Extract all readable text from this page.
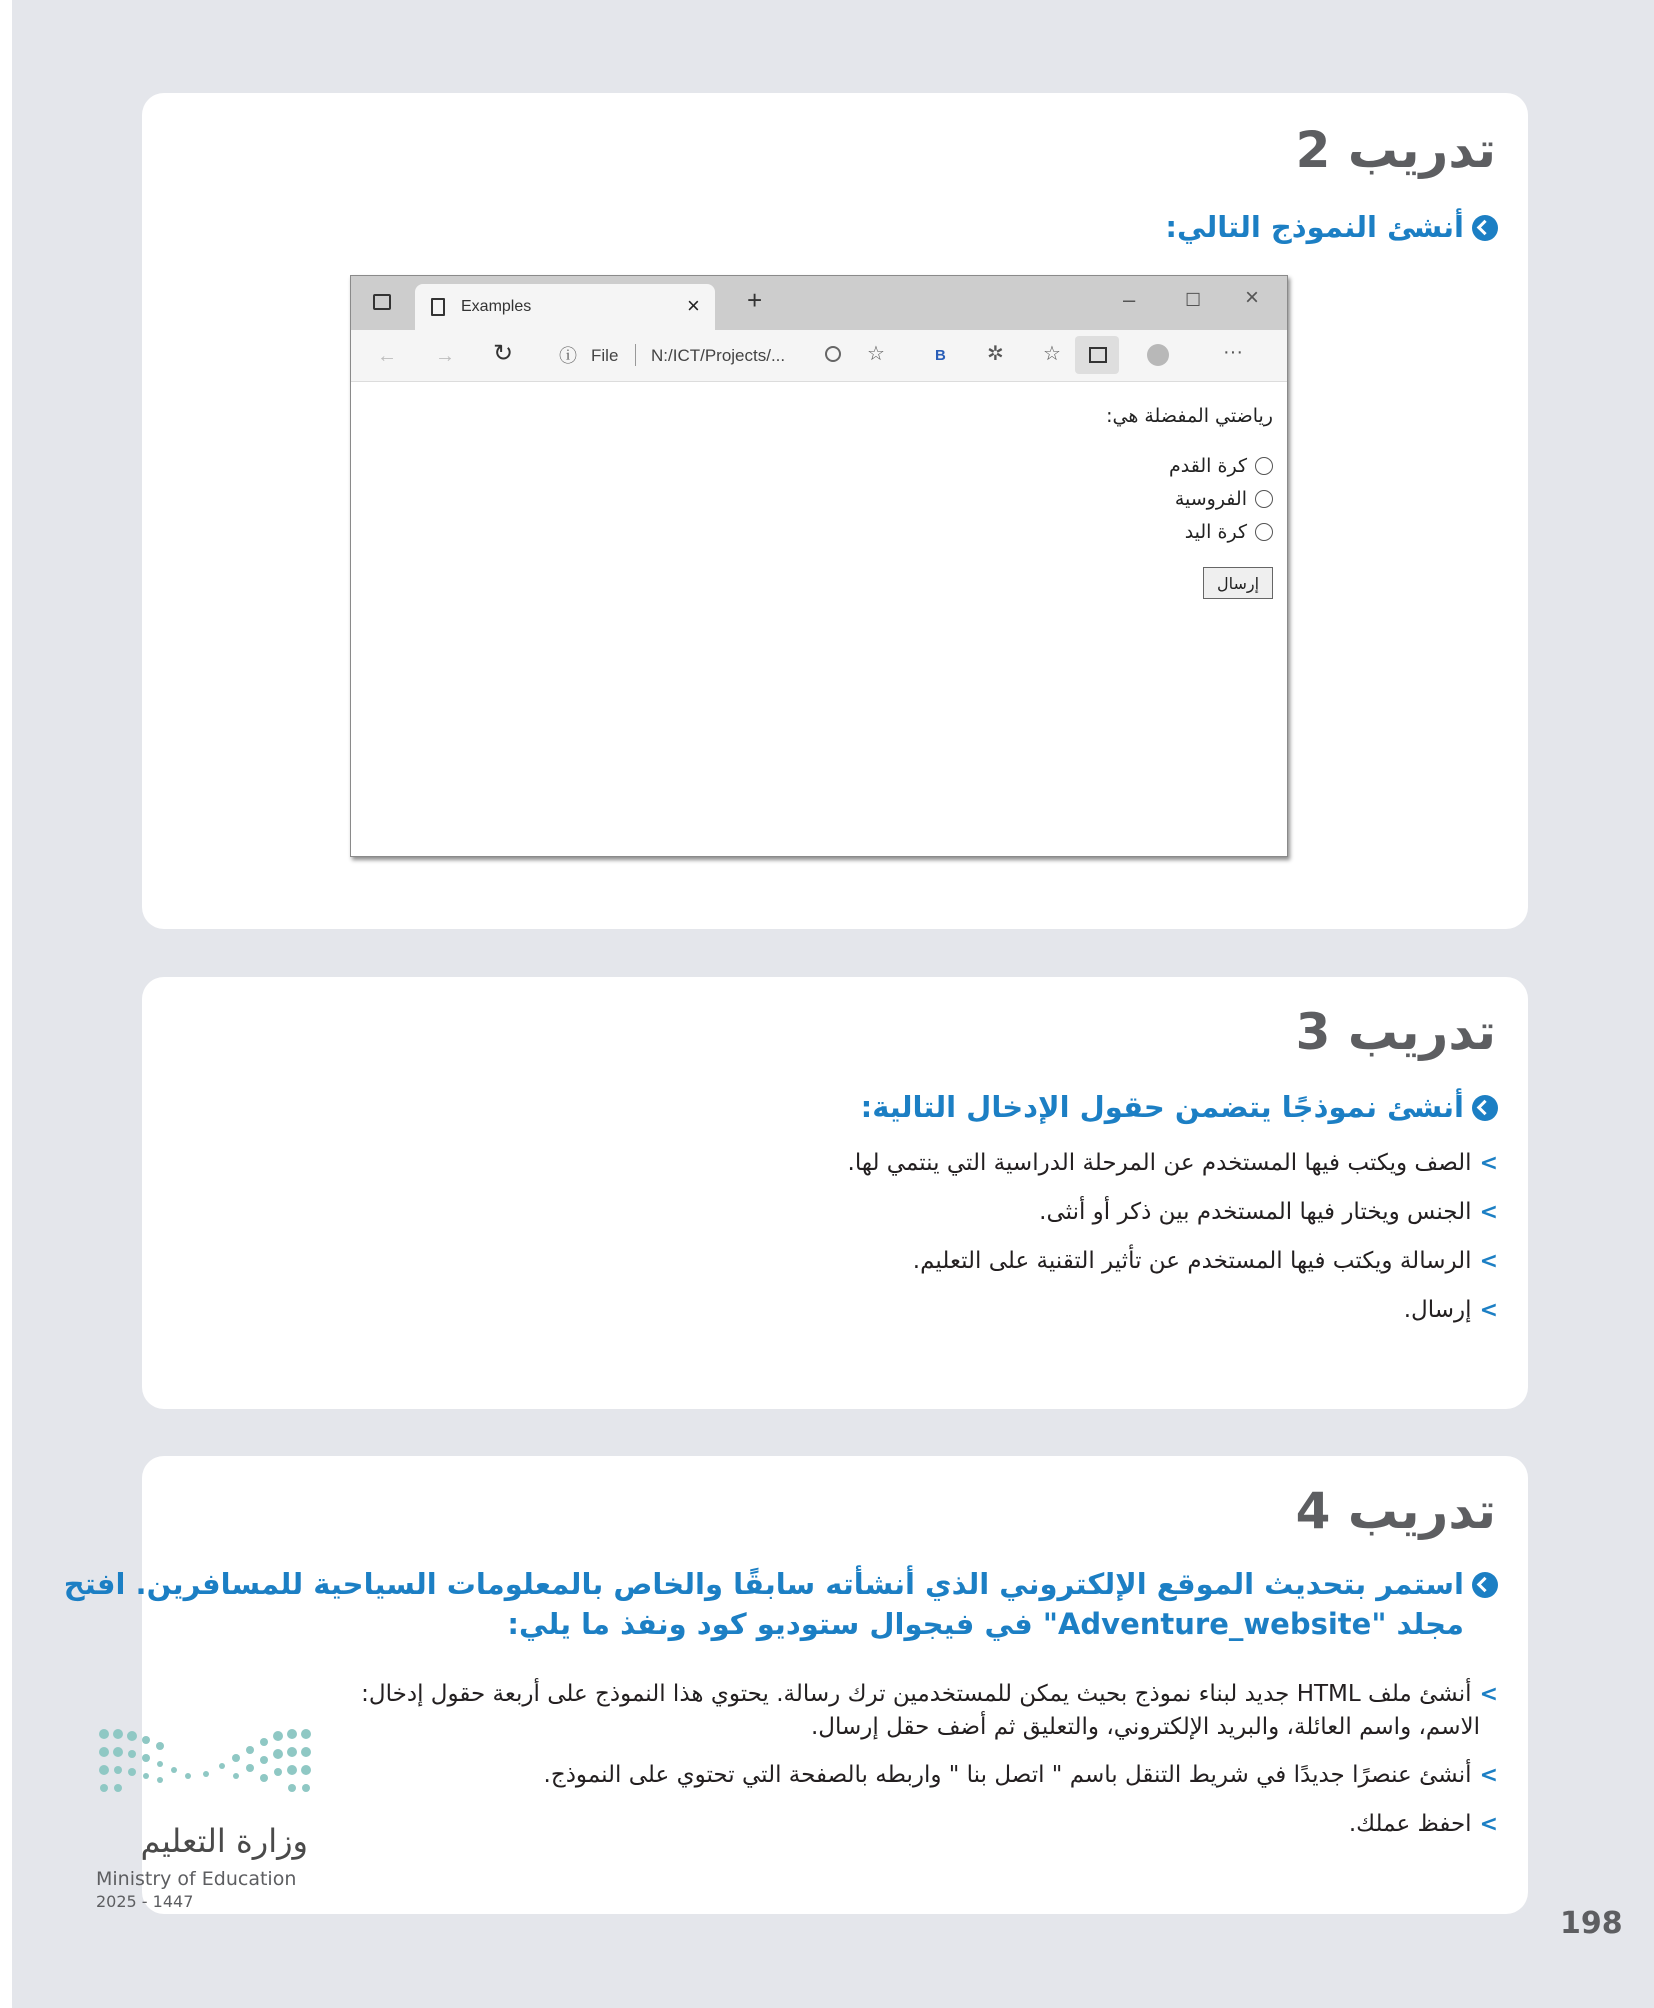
تدريب 2
أنشئ النموذج التالي:
Examples	× +	–	☐ ×
← → ↻	ⓘ File N:/ICT/Projects/...	☆	B ✲ ☆	···
رياضتي المفضلة هي:
كرة القدم
الفروسية
كرة اليد
إرسال
تدريب 3
أنشئ نموذجًا يتضمن حقول الإدخال التالية:
>الصف ويكتب فيها المستخدم عن المرحلة الدراسية التي ينتمي لها.
>الجنس ويختار فيها المستخدم بين ذكر أو أنثى.
>الرسالة ويكتب فيها المستخدم عن تأثير التقنية على التعليم.
>إرسال.
تدريب 4
استمر بتحديث الموقع الإلكتروني الذي أنشأته سابقًا والخاص بالمعلومات السياحية للمسافرين. افتح
مجلد "Adventure_website" في فيجوال ستوديو كود ونفذ ما يلي:
>أنشئ ملف HTML جديد لبناء نموذج بحيث يمكن للمستخدمين ترك رسالة. يحتوي هذا النموذج على أربعة حقول إدخال:
الاسم، واسم العائلة، والبريد الإلكتروني، والتعليق ثم أضف حقل إرسال.
>أنشئ عنصرًا جديدًا في شريط التنقل باسم " اتصل بنا " واربطه بالصفحة التي تحتوي على النموذج.
>احفظ عملك.
وزارة التعليم
Ministry of Education
2025 - 1447
198
